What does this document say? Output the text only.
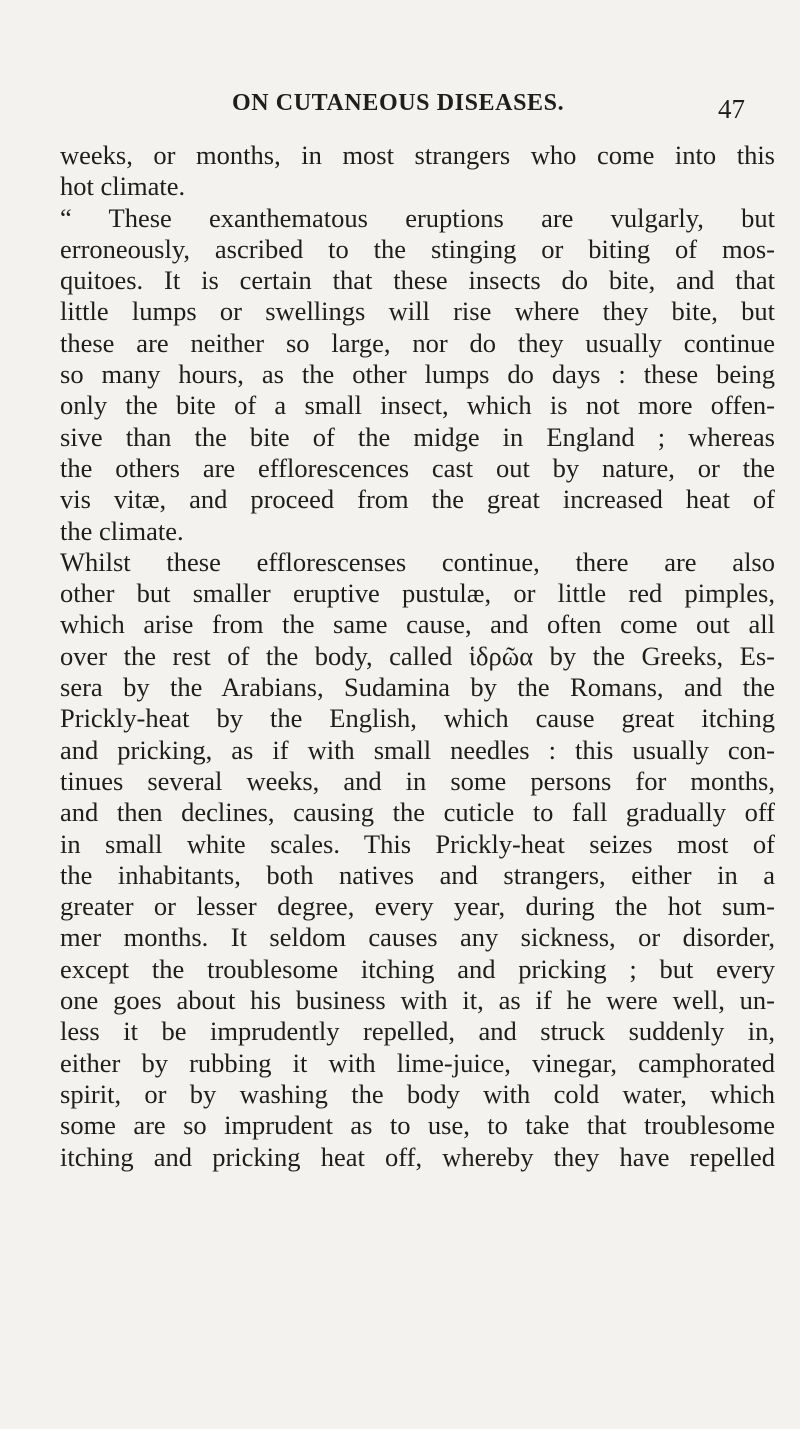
ON CUTANEOUS DISEASES.	47
weeks, or months, in most strangers who come into this
hot climate.
“ These exanthematous eruptions are vulgarly, but
erroneously, ascribed to the stinging or biting of mos-
quitoes. It is certain that these insects do bite, and that
little lumps or swellings will rise where they bite, but
these are neither so large, nor do they usually continue
so many hours, as the other lumps do days : these being
only the bite of a small insect, which is not more offen-
sive than the bite of the midge in England ; whereas
the others are efflorescences cast out by nature, or the
vis vitæ, and proceed from the great increased heat of
the climate.
Whilst these efflorescenses continue, there are also
other but smaller eruptive pustulæ, or little red pimples,
which arise from the same cause, and often come out all
over the rest of the body, called ἱδρῶα by the Greeks, Es-
sera by the Arabians, Sudamina by the Romans, and the
Prickly-heat by the English, which cause great itching
and pricking, as if with small needles : this usually con-
tinues several weeks, and in some persons for months,
and then declines, causing the cuticle to fall gradually off
in small white scales. This Prickly-heat seizes most of
the inhabitants, both natives and strangers, either in a
greater or lesser degree, every year, during the hot sum-
mer months. It seldom causes any sickness, or disorder,
except the troublesome itching and pricking ; but every
one goes about his business with it, as if he were well, un-
less it be imprudently repelled, and struck suddenly in,
either by rubbing it with lime-juice, vinegar, camphorated
spirit, or by washing the body with cold water, which
some are so imprudent as to use, to take that troublesome
itching and pricking heat off, whereby they have repelled
